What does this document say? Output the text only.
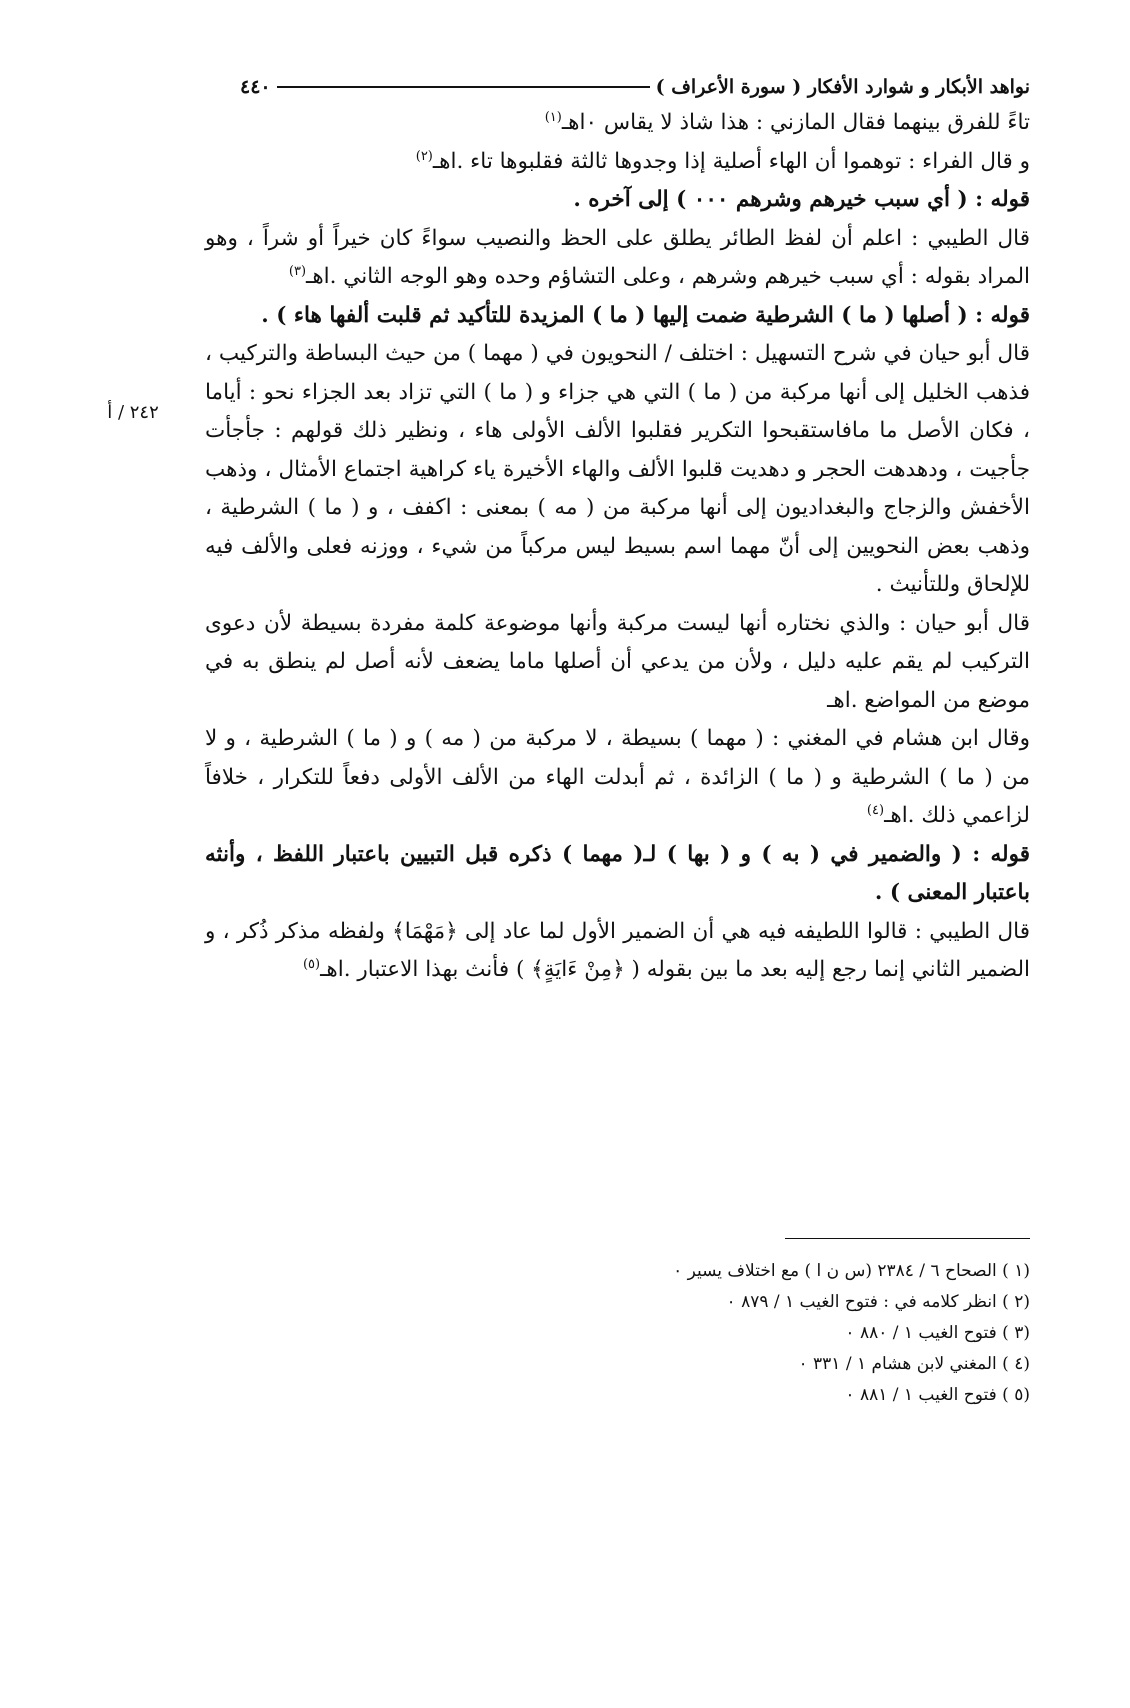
نواهد الأبكار و شوارد الأفكار ( سورة الأعراف )
٤٤٠
٢٤٢ / أ

تاءً للفرق بينهما فقال المازني : هذا شاذ لا يقاس ٠اهـ$^{(١)}$

و قال الفراء : توهموا أن الهاء أصلية إذا وجدوها ثالثة فقلبوها تاء .اهـ$^{(٢)}$

قوله : ( أي سبب خيرهم وشرهم ٠٠٠ ) إلى آخره .

قال الطيبي : اعلم أن لفظ الطائر يطلق على الحظ والنصيب سواءً كان خيراً أو شراً ، وهو المراد بقوله : أي سبب خيرهم وشرهم ، وعلى التشاؤم وحده وهو الوجه الثاني .اهـ$^{(٣)}$

قوله : ( أصلها ( ما ) الشرطية ضمت إليها ( ما ) المزيدة للتأكيد ثم قلبت ألفها هاء ) .

قال أبو حيان في شرح التسهيل : اختلف / النحويون في ( مهما ) من حيث البساطة والتركيب ، فذهب الخليل إلى أنها مركبة من ( ما ) التي هي جزاء و ( ما ) التي تزاد بعد الجزاء نحو : أياما ، فكان الأصل ما مافاستقبحوا التكرير فقلبوا الألف الأولى هاء ، ونظير ذلك قولهم : جأجأت جأجيت ، ودهدهت الحجر و دهديت قلبوا الألف والهاء الأخيرة ياء كراهية اجتماع الأمثال ، وذهب الأخفش والزجاج والبغداديون إلى أنها مركبة من ( مه ) بمعنى : اكفف ، و ( ما ) الشرطية ، وذهب بعض النحويين إلى أنّ مهما اسم بسيط ليس مركباً من شيء ، ووزنه فعلى والألف فيه للإلحاق وللتأنيث .

قال أبو حيان : والذي نختاره أنها ليست مركبة وأنها موضوعة كلمة مفردة بسيطة لأن دعوى التركيب لم يقم عليه دليل ، ولأن من يدعي أن أصلها ماما يضعف لأنه أصل لم ينطق به في موضع من المواضع .اهـ

وقال ابن هشام في المغني : ( مهما ) بسيطة ، لا مركبة من ( مه ) و ( ما ) الشرطية ، و لا من ( ما ) الشرطية و ( ما ) الزائدة ، ثم أبدلت الهاء من الألف الأولى دفعاً للتكرار ، خلافاً لزاعمي ذلك .اهـ$^{(٤)}$

قوله : ( والضمير في ( به ) و ( بها ) لـ( مهما ) ذكره قبل التبيين باعتبار اللفظ ، وأنثه باعتبار المعنى ) .

قال الطيبي : قالوا اللطيفه فيه هي أن الضمير الأول لما عاد إلى ﴿مَهْمَا﴾ ولفظه مذكر ذُكر ، و الضمير الثاني إنما رجع إليه بعد ما بين بقوله ( ﴿مِنْ ءَايَةٍ﴾ ) فأنث بهذا الاعتبار .اهـ$^{(٥)}$

(١ ) الصحاح ٦ / ٢٣٨٤ (س ن ا ) مع اختلاف يسير ٠
(٢ ) انظر كلامه في : فتوح الغيب ١ / ٨٧٩ ٠
(٣ ) فتوح الغيب ١ / ٨٨٠ ٠
(٤ ) المغني لابن هشام ١ / ٣٣١ ٠
(٥ ) فتوح الغيب ١ / ٨٨١ ٠
